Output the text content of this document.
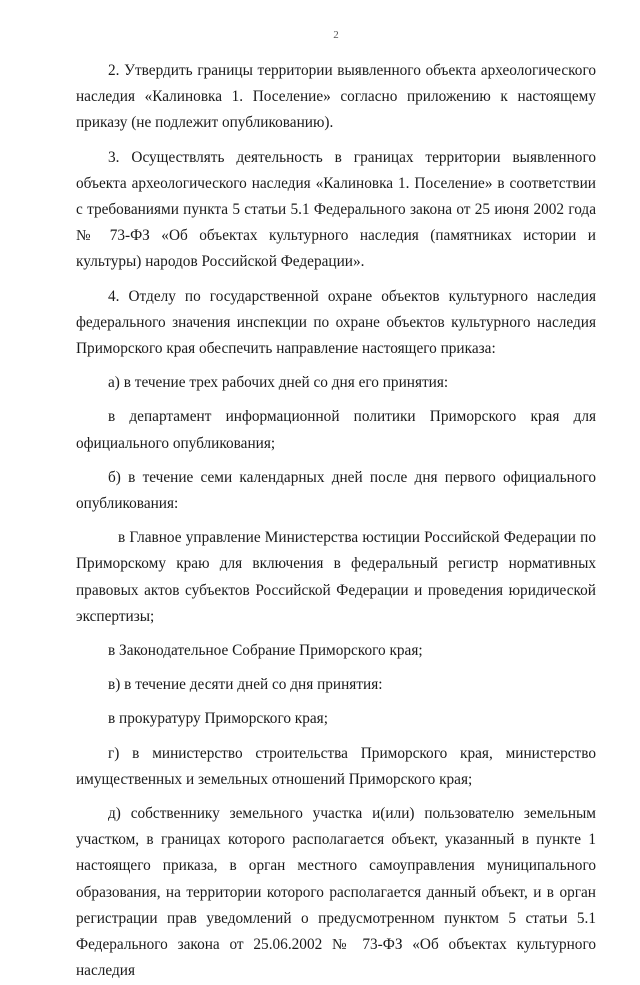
2

2. Утвердить границы территории выявленного объекта археологического наследия «Калиновка 1. Поселение» согласно приложению к настоящему приказу (не подлежит опубликованию).

3. Осуществлять деятельность в границах территории выявленного объекта археологического наследия «Калиновка 1. Поселение» в соответствии с требованиями пункта 5 статьи 5.1 Федерального закона от 25 июня 2002 года № 73-ФЗ «Об объектах культурного наследия (памятниках истории и культуры) народов Российской Федерации».

4. Отделу по государственной охране объектов культурного наследия федерального значения инспекции по охране объектов культурного наследия Приморского края обеспечить направление настоящего приказа:

а) в течение трех рабочих дней со дня его принятия:

в департамент информационной политики Приморского края для официального опубликования;

б) в течение семи календарных дней после дня первого официального опубликования:

в Главное управление Министерства юстиции Российской Федерации по Приморскому краю для включения в федеральный регистр нормативных правовых актов субъектов Российской Федерации и проведения юридической экспертизы;

в Законодательное Собрание Приморского края;

в) в течение десяти дней со дня принятия:

в прокуратуру Приморского края;

г) в министерство строительства Приморского края, министерство имущественных и земельных отношений Приморского края;

д) собственнику земельного участка и(или) пользователю земельным участком, в границах которого располагается объект, указанный в пункте 1 настоящего приказа, в орган местного самоуправления муниципального образования, на территории которого располагается данный объект, и в орган регистрации прав уведомлений о предусмотренном пунктом 5 статьи 5.1 Федерального закона от 25.06.2002 № 73-ФЗ «Об объектах культурного наследия
